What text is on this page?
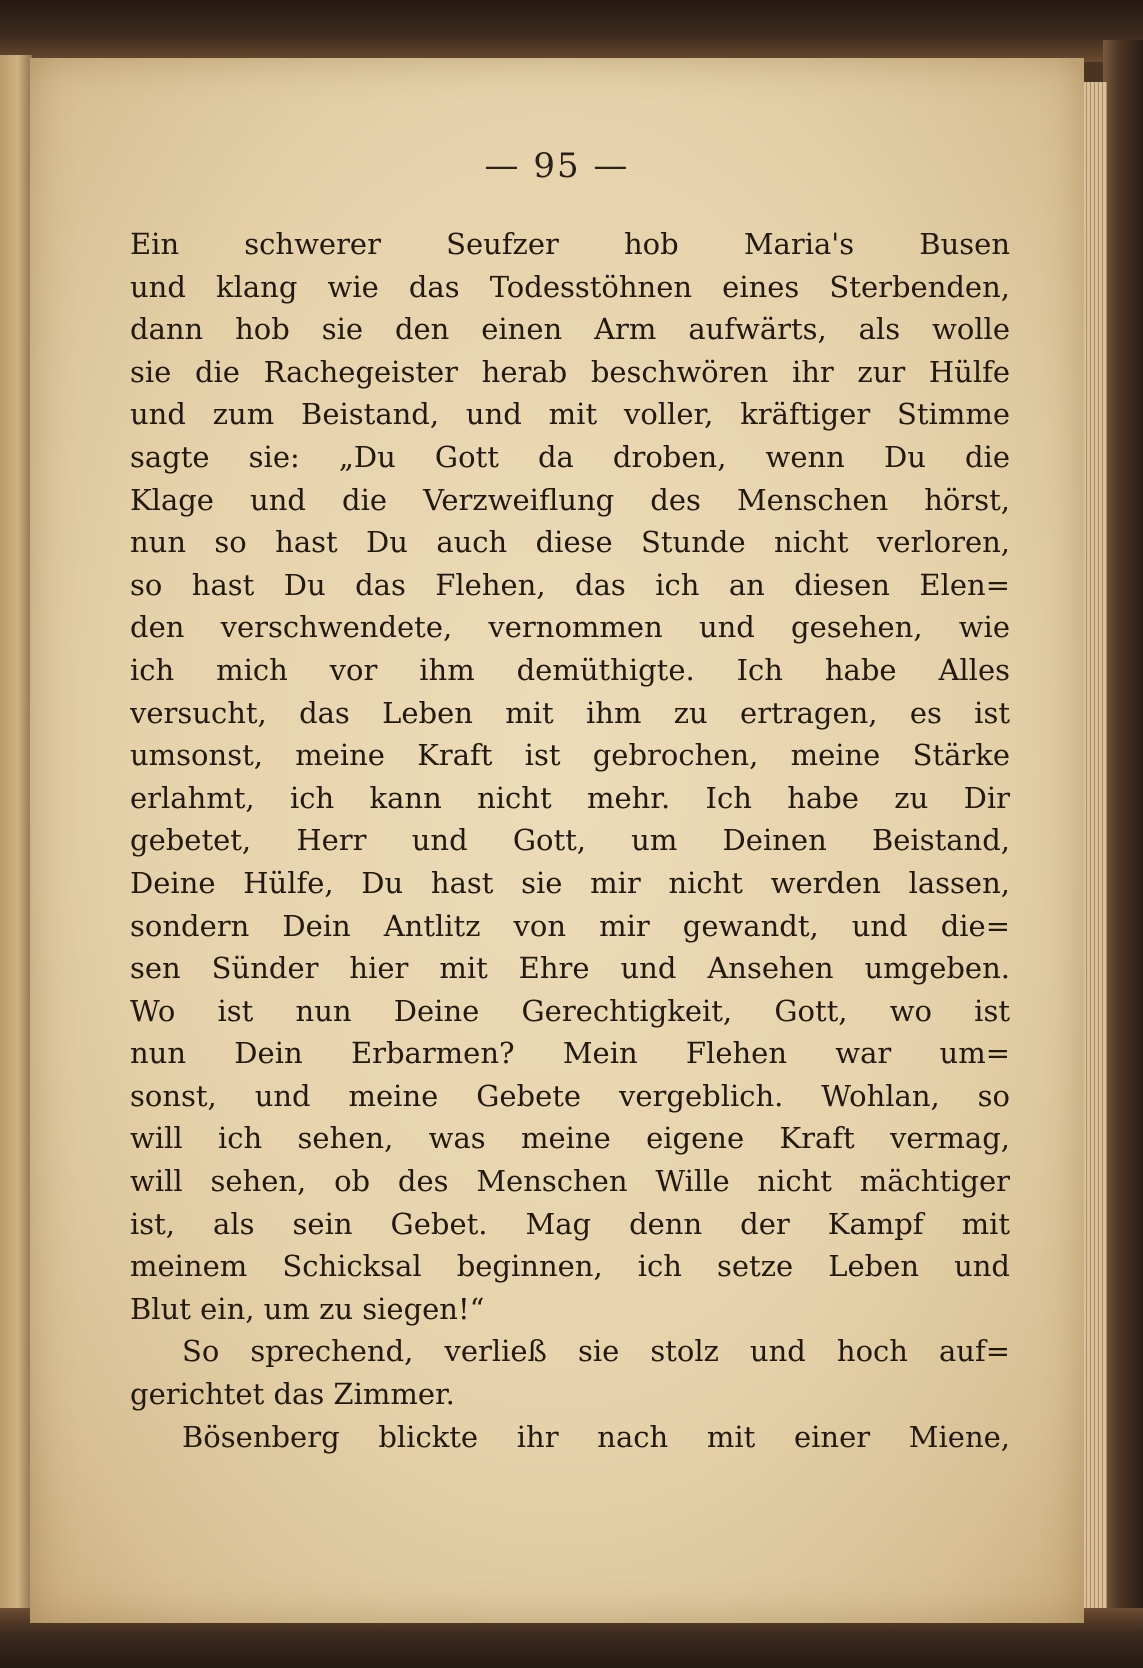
— 95 —
Ein schwerer Seufzer hob Maria's Busen
und klang wie das Todesstöhnen eines Sterbenden,
dann hob sie den einen Arm aufwärts, als wolle
sie die Rachegeister herab beschwören ihr zur Hülfe
und zum Beistand, und mit voller, kräftiger Stimme
sagte sie: „Du Gott da droben, wenn Du die
Klage und die Verzweiflung des Menschen hörst,
nun so hast Du auch diese Stunde nicht verloren,
so hast Du das Flehen, das ich an diesen Elen=
den verschwendete, vernommen und gesehen, wie
ich mich vor ihm demüthigte. Ich habe Alles
versucht, das Leben mit ihm zu ertragen, es ist
umsonst, meine Kraft ist gebrochen, meine Stärke
erlahmt, ich kann nicht mehr. Ich habe zu Dir
gebetet, Herr und Gott, um Deinen Beistand,
Deine Hülfe, Du hast sie mir nicht werden lassen,
sondern Dein Antlitz von mir gewandt, und die=
sen Sünder hier mit Ehre und Ansehen umgeben.
Wo ist nun Deine Gerechtigkeit, Gott, wo ist
nun Dein Erbarmen? Mein Flehen war um=
sonst, und meine Gebete vergeblich. Wohlan, so
will ich sehen, was meine eigene Kraft vermag,
will sehen, ob des Menschen Wille nicht mächtiger
ist, als sein Gebet. Mag denn der Kampf mit
meinem Schicksal beginnen, ich setze Leben und
Blut ein, um zu siegen!“
So sprechend, verließ sie stolz und hoch auf=
gerichtet das Zimmer.
Bösenberg blickte ihr nach mit einer Miene,
